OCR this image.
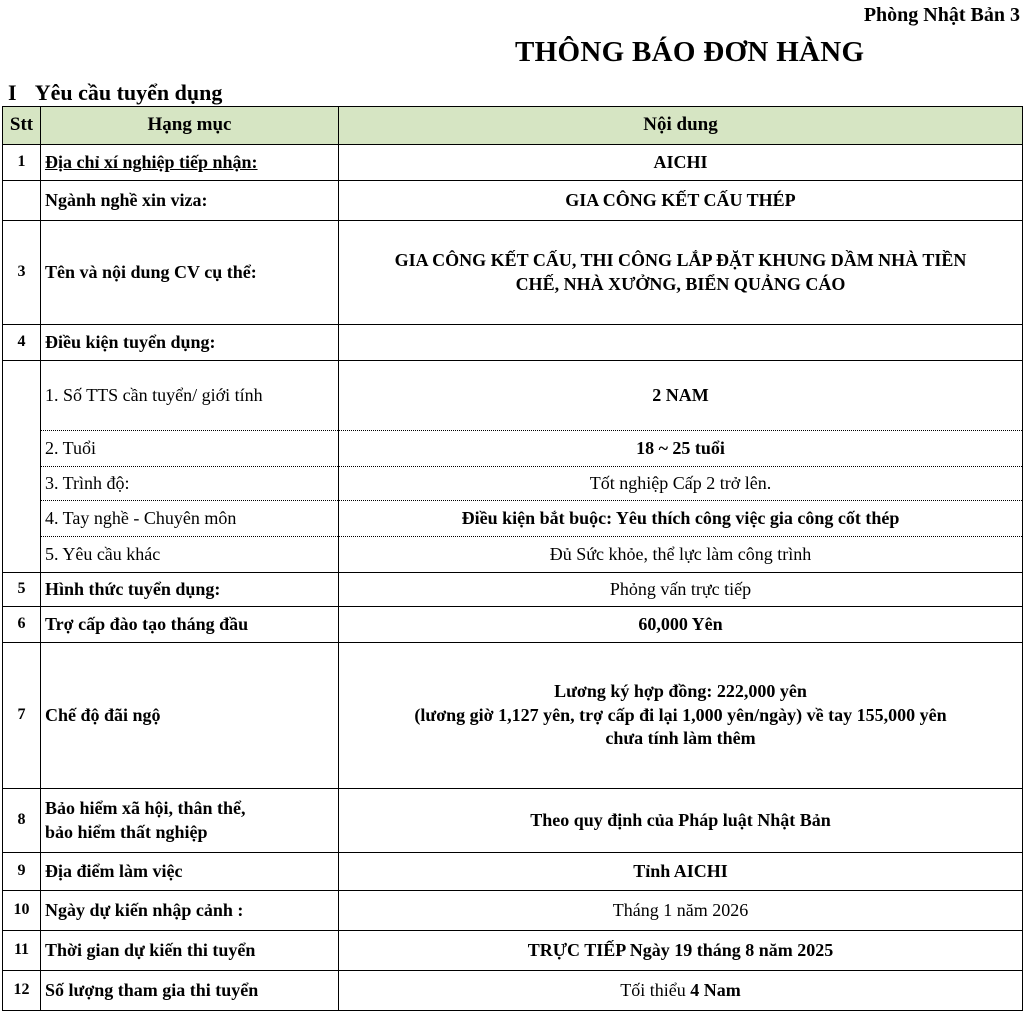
Phòng Nhật Bản 3
THÔNG BÁO ĐƠN HÀNG
I Yêu cầu tuyển dụng
Stt	Hạng mục	Nội dung
1	Địa chỉ xí nghiệp tiếp nhận:	AICHI
	Ngành nghề xin viza:	GIA CÔNG KẾT CẤU THÉP
3	Tên và nội dung CV cụ thể:	GIA CÔNG KẾT CẤU, THI CÔNG LẮP ĐẶT KHUNG DẦM NHÀ TIỀN
CHẾ, NHÀ XƯỞNG, BIỂN QUẢNG CÁO

4	Điều kiện tuyển dụng:	
	1. Số TTS cần tuyển/ giới tính	2 NAM
	2. Tuổi	18 ~ 25 tuổi
	3. Trình độ:	Tốt nghiệp Cấp 2 trở lên.
	4. Tay nghề - Chuyên môn	Điều kiện bắt buộc: Yêu thích công việc gia công cốt thép
	5. Yêu cầu khác	Đủ Sức khỏe, thể lực làm công trình
5	Hình thức tuyển dụng:	Phỏng vấn trực tiếp
6	Trợ cấp đào tạo tháng đầu	60,000 Yên
7	Chế độ đãi ngộ	Lương ký hợp đồng: 222,000 yên
(lương giờ 1,127 yên, trợ cấp đi lại 1,000 yên/ngày) về tay 155,000 yên
chưa tính làm thêm

8	Bảo hiểm xã hội, thân thể,
bảo hiểm thất nghiệp	Theo quy định của Pháp luật Nhật Bản
9	Địa điểm làm việc	Tỉnh AICHI
10	Ngày dự kiến nhập cảnh :	Tháng 1 năm 2026
11	Thời gian dự kiến thi tuyển	TRỰC TIẾP Ngày 19 tháng 8 năm 2025
12	Số lượng tham gia thi tuyển	Tối thiểu 4 Nam
